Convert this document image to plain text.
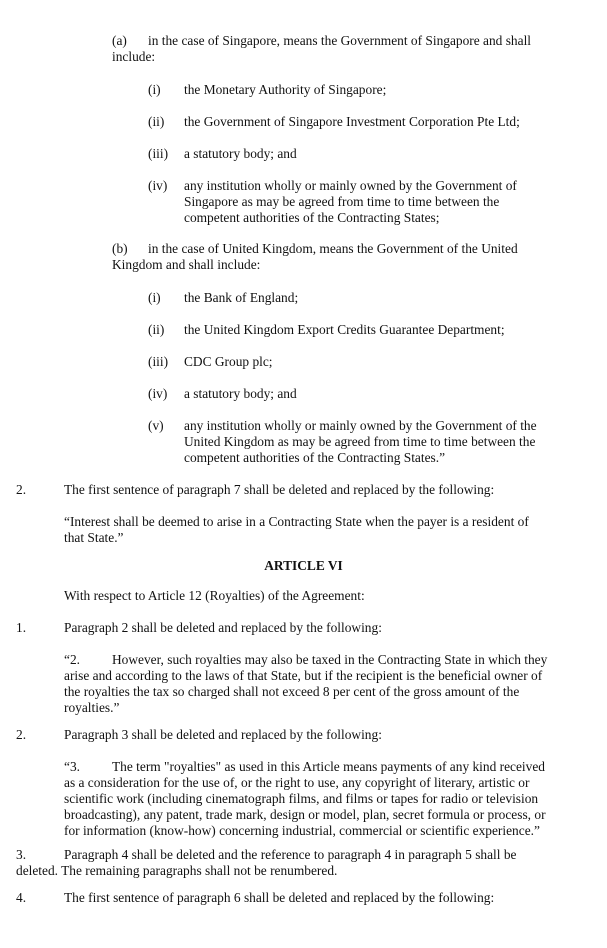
(a) in the case of Singapore, means the Government of Singapore and shall
include:
(i) the Monetary Authority of Singapore;
(ii) the Government of Singapore Investment Corporation Pte Ltd;
(iii) a statutory body; and
(iv) any institution wholly or mainly owned by the Government of
Singapore as may be agreed from time to time between the
competent authorities of the Contracting States;
(b) in the case of United Kingdom, means the Government of the United
Kingdom and shall include:
(i) the Bank of England;
(ii) the United Kingdom Export Credits Guarantee Department;
(iii) CDC Group plc;
(iv) a statutory body; and
(v) any institution wholly or mainly owned by the Government of the
United Kingdom as may be agreed from time to time between the
competent authorities of the Contracting States.”
2.	The first sentence of paragraph 7 shall be deleted and replaced by the following:
“Interest shall be deemed to arise in a Contracting State when the payer is a resident of
that State.”
ARTICLE VI
With respect to Article 12 (Royalties) of the Agreement:
1.	Paragraph 2 shall be deleted and replaced by the following:
“2. However, such royalties may also be taxed in the Contracting State in which they
arise and according to the laws of that State, but if the recipient is the beneficial owner of
the royalties the tax so charged shall not exceed 8 per cent of the gross amount of the
royalties.”
2.	Paragraph 3 shall be deleted and replaced by the following:
“3. The term "royalties" as used in this Article means payments of any kind received
as a consideration for the use of, or the right to use, any copyright of literary, artistic or
scientific work (including cinematograph films, and films or tapes for radio or television
broadcasting), any patent, trade mark, design or model, plan, secret formula or process, or
for information (know-how) concerning industrial, commercial or scientific experience.”
3.	Paragraph 4 shall be deleted and the reference to paragraph 4 in paragraph 5 shall be
deleted. The remaining paragraphs shall not be renumbered.
4.	The first sentence of paragraph 6 shall be deleted and replaced by the following:
